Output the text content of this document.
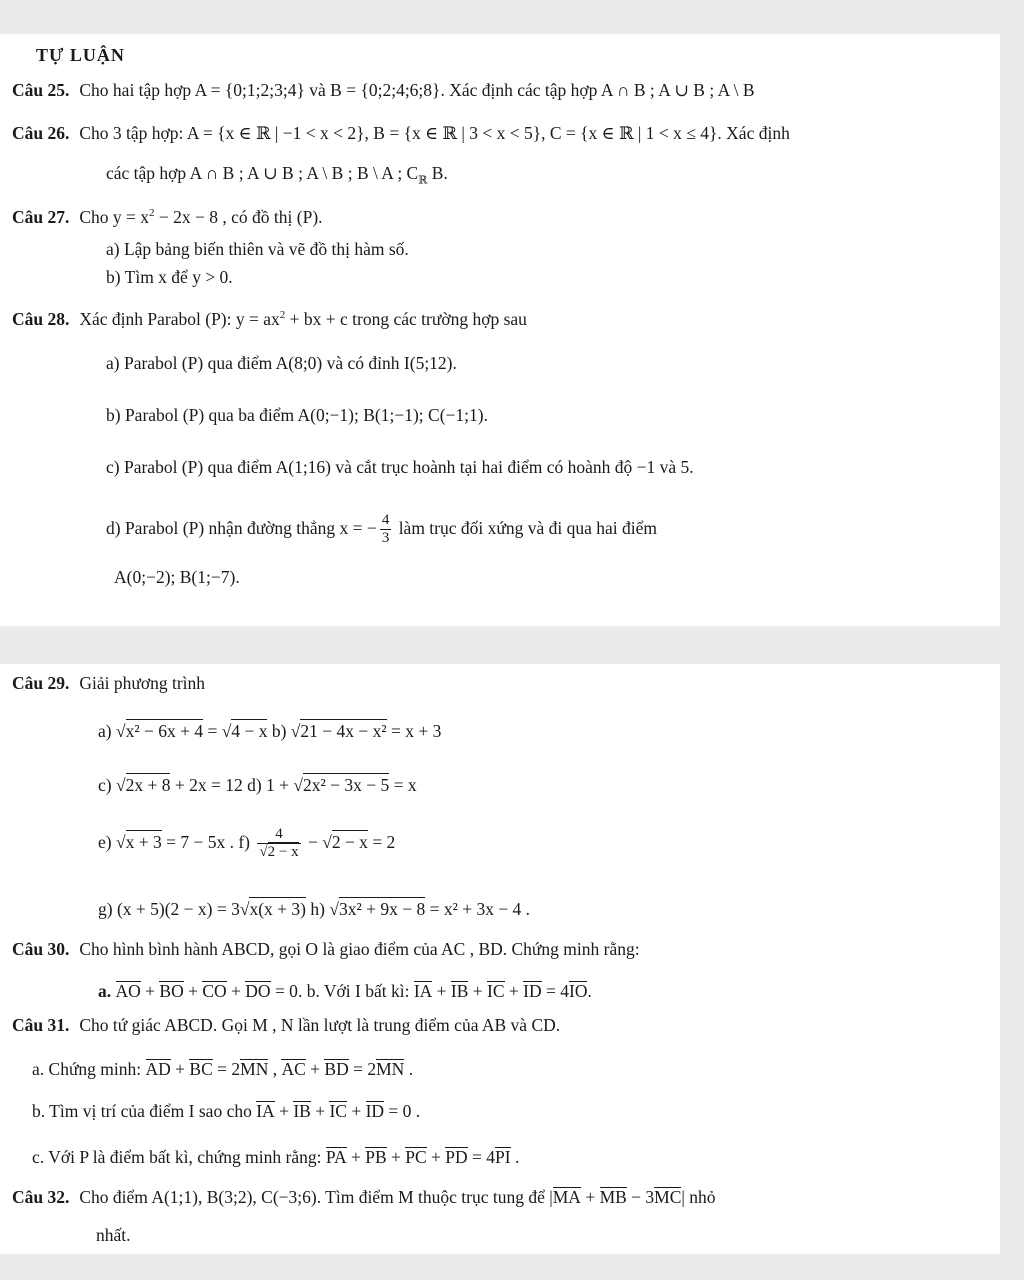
TỰ LUẬN
Câu 25. Cho hai tập hợp A = {0;1;2;3;4} và B = {0;2;4;6;8}. Xác định các tập hợp A ∩ B ; A ∪ B ; A \ B
Câu 26. Cho 3 tập hợp: A = {x ∈ ℝ | −1 < x < 2}, B = {x ∈ ℝ | 3 < x < 5}, C = {x ∈ ℝ | 1 < x ≤ 4}. Xác định
các tập hợp A ∩ B ; A ∪ B ; A \ B ; B \ A ; $C_ℝ$ B.
Câu 27. Cho $y = x^2 - 2x - 8$ , có đồ thị (P).
a) Lập bảng biến thiên và vẽ đồ thị hàm số.
b) Tìm x để y > 0.
Câu 28. Xác định Parabol (P): $y = ax^2$ + bx + c trong các trường hợp sau
a) Parabol (P) qua điểm A(8;0) và có đỉnh I(5;12).
b) Parabol (P) qua ba điểm A(0;−1); B(1;−1); C(−1;1).
c) Parabol (P) qua điểm A(1;16) và cắt trục hoành tại hai điểm có hoành độ −1 và 5.
d) Parabol (P) nhận đường thẳng x = − $\frac{4}{3}$ làm trục đối xứng và đi qua hai điểm
A(0;−2); B(1;−7).
Câu 29. Giải phương trình
a) √x² − 6x + 4 = √4 − x b) √21 − 4x − x² = x + 3
c) √2x + 8 + 2x = 12 d) 1 + √2x² − 3x − 5 = x
e) √x + 3 = 7 − 5x . $f) \frac{4}{√2 - x} - √2 - x = 2$
g) (x + 5)(2 − x) = 3√x(x + 3) h) √3x² + 9x − 8 = x² + 3x − 4 .
Câu 30. Cho hình bình hành ABCD, gọi O là giao điểm của AC , BD. Chứng minh rằng:
a. AO + BO + CO + DO = 0. b. Với I bất kì: IA + IB + IC + ID = 4IO.
Câu 31. Cho tứ giác ABCD. Gọi M , N lần lượt là trung điểm của AB và CD.
a. Chứng minh: AD + BC = 2MN , AC + BD = 2MN .
b. Tìm vị trí của điểm I sao cho IA + IB + IC + ID = 0 .
c. Với P là điểm bất kì, chứng minh rằng: PA + PB + PC + PD = 4PI .
Câu 32. Cho điểm A(1;1), B(3;2), C(−3;6). Tìm điểm M thuộc trục tung để |MA + MB − 3MC| nhỏ
nhất.
